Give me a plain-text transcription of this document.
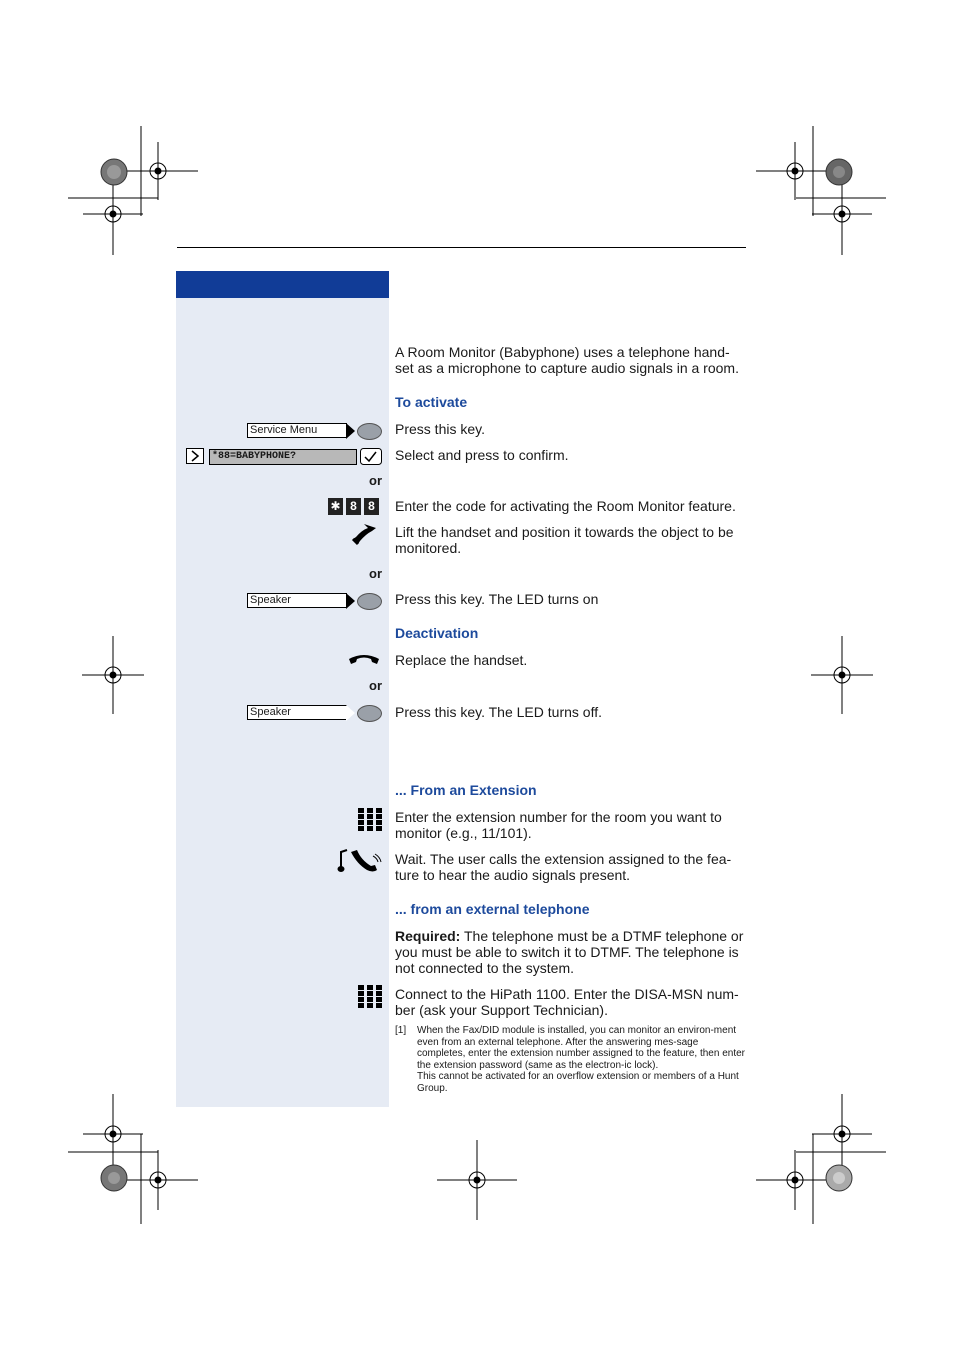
A Room Monitor (Babyphone) uses a telephone hand-set as a microphone to capture audio signals in a room.
To activate
Service Menu	Press this key.
*88=BABYPHONE?	Select and press to confirm.
or
✱ 8 8 Enter the code for activating the Room Monitor feature.
Lift the handset and position it towards the object to be monitored.
or
Speaker	Press this key. The LED turns on
Deactivation
Replace the handset.
or
Speaker	Press this key. The LED turns off.
... From an Extension
Enter the extension number for the room you want to monitor (e.g., 11/101).
Wait. The user calls the extension assigned to the fea-ture to hear the audio signals present.
... from an external telephone
Required: The telephone must be a DTMF telephone or you must be able to switch it to DTMF. The telephone is not connected to the system.
Connect to the HiPath 1100. Enter the DISA-MSN num-ber (ask your Support Technician).
[1] When the Fax/DID module is installed, you can monitor an environ-ment even from an external telephone. After the answering mes-sage completes, enter the extension number assigned to the feature, then enter the extension password (same as the electron-ic lock).
This cannot be activated for an overflow extension or members of a Hunt Group.
